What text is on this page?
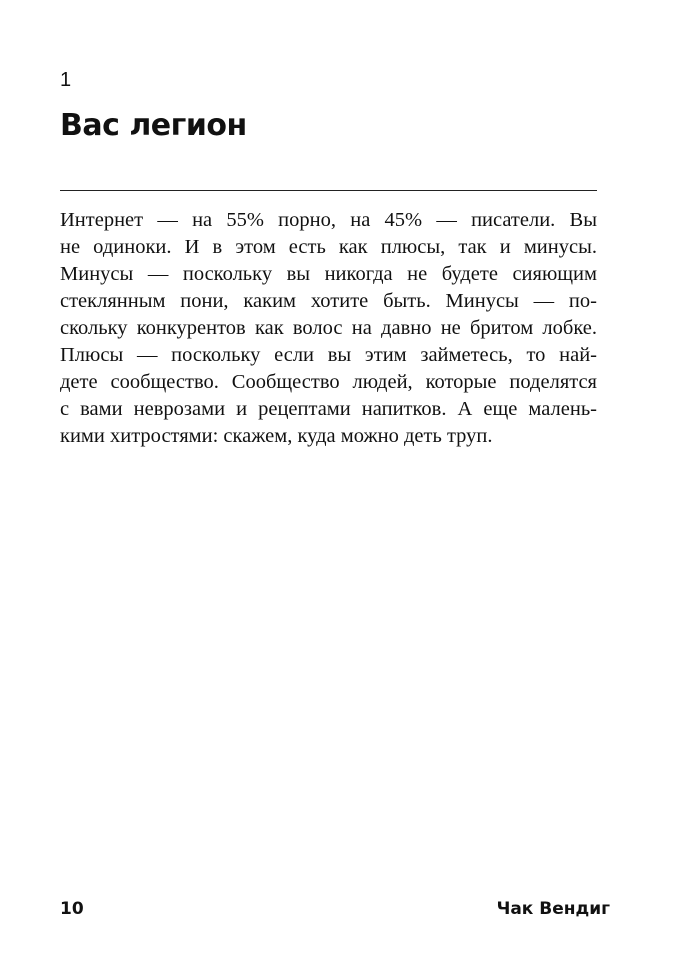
1
Вас легион
Интернет — на 55% порно, на 45% — писатели. Вы
не одиноки. И в этом есть как плюсы, так и минусы.
Минусы — поскольку вы никогда не будете сияющим
стеклянным пони, каким хотите быть. Минусы — по-
скольку конкурентов как волос на давно не бритом лобке.
Плюсы — поскольку если вы этим займетесь, то най-
дете сообщество. Сообщество людей, которые поделятся
с вами неврозами и рецептами напитков. А еще малень-
кими хитростями: скажем, куда можно деть труп.
10	Чак Вендиг
